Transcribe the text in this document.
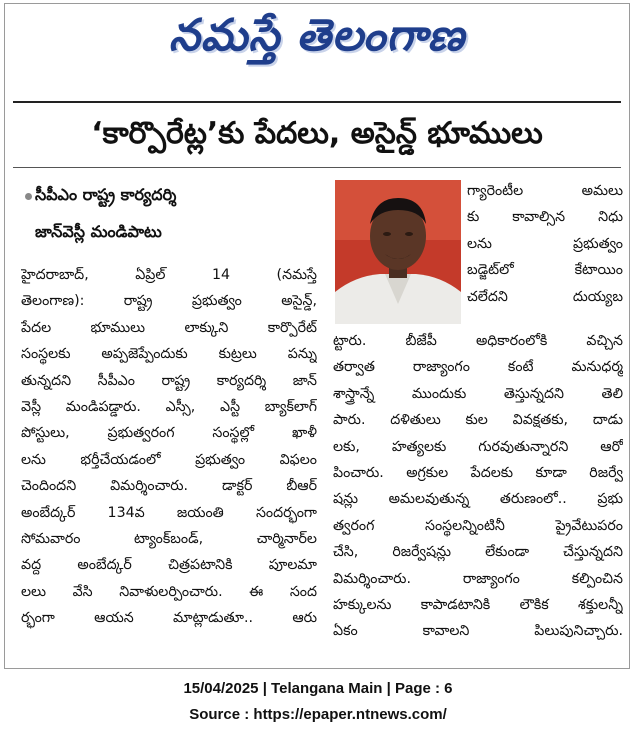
నమస్తే తెలంగాణ
‘కార్పొరేట్ల’కు పేదలు, అసైన్డ్ భూములు
సీపీఎం రాష్ట్ర కార్యదర్శి
జాన్‌వెస్లీ మండిపాటు
హైదరాబాద్, ఏప్రిల్ 14 (నమస్తే
తెలంగాణ): రాష్ట్ర ప్రభుత్వం అసైన్డ్,
పేదల భూములు లాక్కుని కార్పొరేట్
సంస్థలకు అప్పజెప్పేందుకు కుట్రలు పన్ను
తున్నదని సీపీఎం రాష్ట్ర కార్యదర్శి జాన్
వెస్లీ మండిపడ్డారు. ఎస్సీ, ఎస్టీ బ్యాక్‌లాగ్
పోస్టులు, ప్రభుత్వరంగ సంస్థల్లో ఖాళీ
లను భర్తీచేయడంలో ప్రభుత్వం విఫలం
చెందిందని విమర్శించారు. డాక్టర్ బీఆర్
అంబేద్కర్ 134వ జయంతి సందర్భంగా
సోమవారం ట్యాంక్‌బండ్, చార్మినార్‌ల
వద్ద అంబేద్కర్ చిత్రపటానికి పూలమా
లలు వేసి నివాళులర్పించారు. ఈ సంద
ర్భంగా ఆయన మాట్లాడుతూ.. ఆరు
గ్యారెంటీల అమలు
కు కావాల్సిన నిధు
లను ప్రభుత్వం
బడ్జెట్‌లో కేటాయిం
చలేదని దుయ్యబ
ట్టారు. బీజేపీ అధికారంలోకి వచ్చిన
తర్వాత రాజ్యాంగం కంటే మనుధర్మ
శాస్త్రాన్నే ముందుకు తెస్తున్నదని తెలి
పారు. దళితులు కుల వివక్షతకు, దాడు
లకు, హత్యలకు గురవుతున్నారని ఆరో
పించారు. అగ్రకుల పేదలకు కూడా రిజర్వే
షన్లు అమలవుతున్న తరుణంలో.. ప్రభు
త్వరంగ సంస్థలన్నింటినీ ప్రైవేటుపరం
చేసి, రిజర్వేషన్లు లేకుండా చేస్తున్నదని
విమర్శించారు. రాజ్యాంగం కల్పించిన
హక్కులను కాపాడటానికి లౌకిక శక్తులన్నీ
ఏకం కావాలని పిలుపునిచ్చారు.
15/04/2025 | Telangana Main | Page : 6
Source : https://epaper.ntnews.com/
